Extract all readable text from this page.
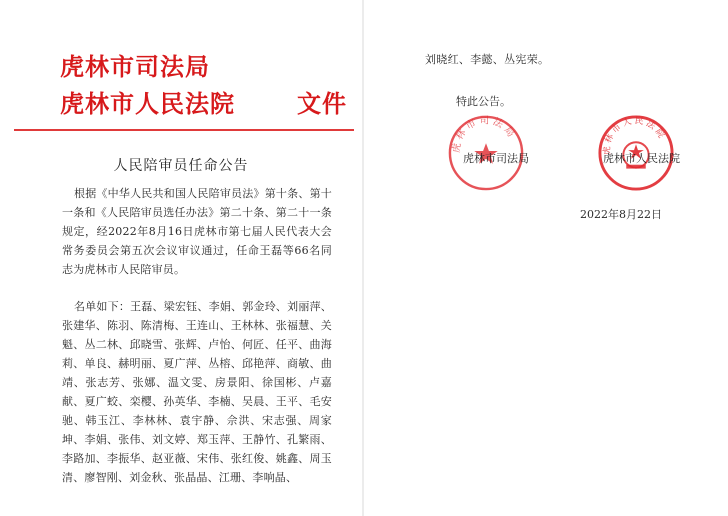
虎林市司法局
虎林市人民法院	文件
人民陪审员任命公告

根据《中华人民共和国人民陪审员法》第十条、第十一条和《人民陪审员选任办法》第二十条、第二十一条规定，经2022年8月16日虎林市第七届人民代表大会常务委员会第五次会议审议通过，任命王磊等66名同志为虎林市人民陪审员。

名单如下：王磊、梁宏钰、李娟、郭金玲、刘丽萍、张建华、陈羽、陈清梅、王连山、王林林、张福慧、关魁、丛二林、邱晓雪、张辉、卢怡、何匠、任平、曲海莉、单良、赫明丽、夏广萍、丛榕、邱艳萍、商敏、曲靖、张志芳、张娜、温文雯、房景阳、徐国彬、卢嘉献、夏广蛟、栾樱、孙英华、李楠、吴晨、王平、毛安驰、韩玉江、李林林、袁宇静、佘洪、宋志强、周家坤、李娟、张伟、刘文婷、郑玉萍、王静竹、孔繁雨、李路加、李振华、赵亚薇、宋伟、张红俊、姚鑫、周玉清、廖智刚、刘金秋、张晶晶、江珊、李响晶、

刘晓红、李懿、丛宪荣。
特此公告。
虎林市司法局
虎林市人民法院
虎林市司法局	虎林市人民法院
2022年8月22日
